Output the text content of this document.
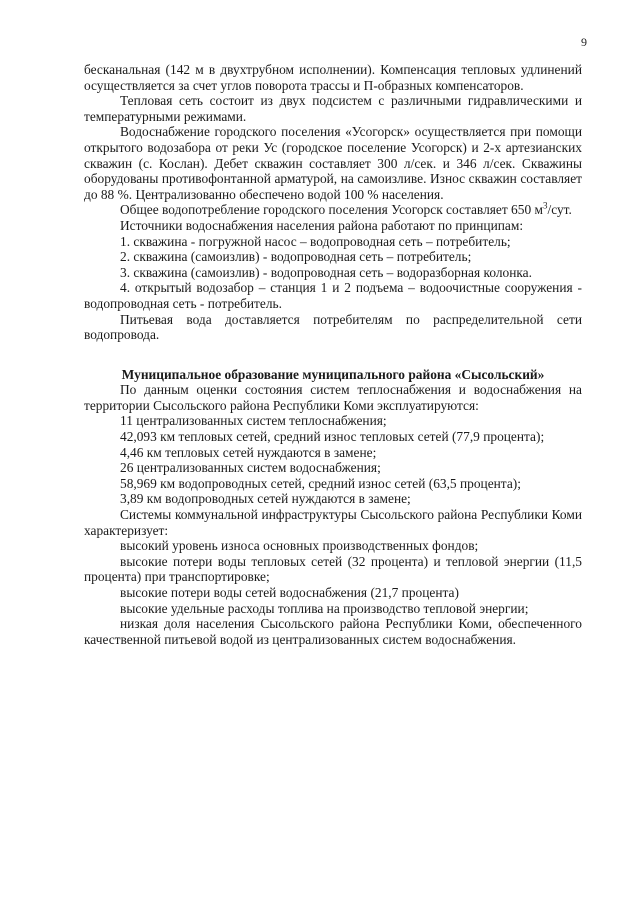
9

бесканальная (142 м в двухтрубном исполнении). Компенсация тепловых удлинений осуществляется за счет углов поворота трассы и П-образных компенсаторов.

Тепловая сеть состоит из двух подсистем с различными гидравлическими и температурными режимами.

Водоснабжение городского поселения «Усогорск» осуществляется при помощи открытого водозабора от реки Ус (городское поселение Усогорск) и 2-х артезианских скважин (с. Кослан). Дебет скважин составляет 300 л/сек. и 346 л/сек. Скважины оборудованы противофонтанной арматурой, на самоизливе. Износ скважин составляет до 88 %. Централизованно обеспечено водой 100 % населения.

Общее водопотребление городского поселения Усогорск составляет 650 $м^3$/сут.

Источники водоснабжения населения района работают по принципам:

1. скважина - погружной насос – водопроводная сеть – потребитель;

2. скважина (самоизлив) - водопроводная сеть – потребитель;

3. скважина (самоизлив) - водопроводная сеть – водоразборная колонка.

4. открытый водозабор – станция 1 и 2 подъема – водоочистные сооружения - водопроводная сеть - потребитель.

Питьевая вода доставляется потребителям по распределительной сети водопровода.

Муниципальное образование муниципального района «Сысольский»

По данным оценки состояния систем теплоснабжения и водоснабжения на территории Сысольского района Республики Коми эксплуатируются:

11 централизованных систем теплоснабжения;

42,093 км тепловых сетей, средний износ тепловых сетей (77,9 процента);

4,46 км тепловых сетей нуждаются в замене;

26 централизованных систем водоснабжения;

58,969 км водопроводных сетей, средний износ сетей (63,5 процента);

3,89 км водопроводных сетей нуждаются в замене;

Системы коммунальной инфраструктуры Сысольского района Республики Коми характеризует:

высокий уровень износа основных производственных фондов;

высокие потери воды тепловых сетей (32 процента) и тепловой энергии (11,5 процента) при транспортировке;

высокие потери воды сетей водоснабжения (21,7 процента)

высокие удельные расходы топлива на производство тепловой энергии;

низкая доля населения Сысольского района Республики Коми, обеспеченного качественной питьевой водой из централизованных систем водоснабжения.
